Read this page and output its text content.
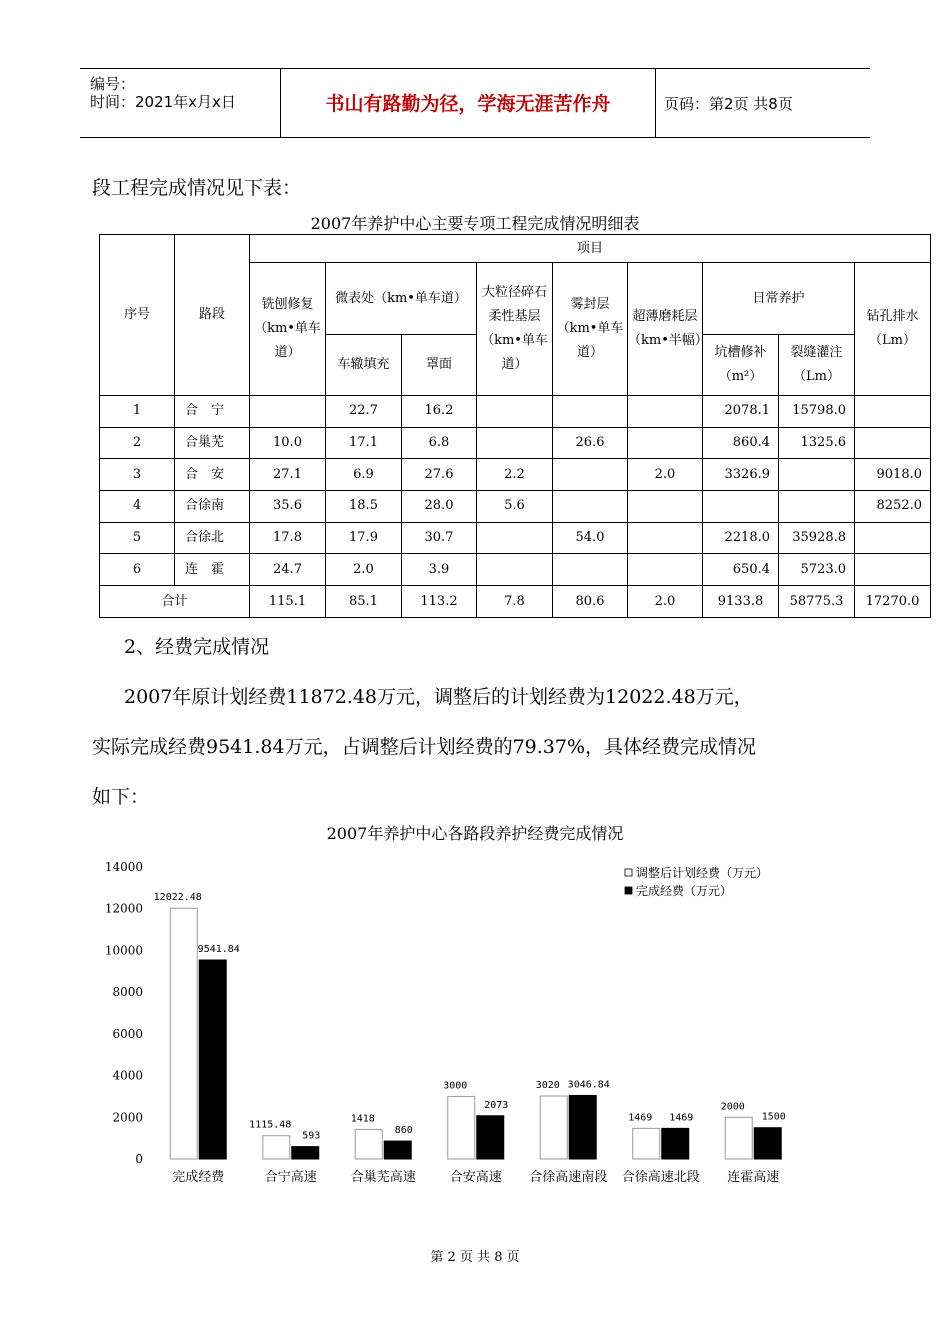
编号：
时间：2021年x月x日	书山有路勤为径，学海无涯苦作舟	页码：第2页 共8页
段工程完成情况见下表：
2007年养护中心主要专项工程完成情况明细表
序号	路段	项目								
		铣刨修复（km•单车道）	微表处（km•单车道）		大粒径碎石柔性基层（km•单车道）	雾封层（km•单车道）	超薄磨耗层（km•半幅）	日常养护		钻孔排水（Lm）
			车辙填充	罩面				坑槽修补（m²）	裂缝灌注（Lm）	
1	合　宁		22.7	16.2				2078.1	15798.0	
2	合巢芜	10.0	17.1	6.8		26.6		860.4	1325.6	
3	合　安	27.1	6.9	27.6	2.2		2.0	3326.9		9018.0
4	合徐南	35.6	18.5	28.0	5.6					8252.0
5	合徐北	17.8	17.9	30.7		54.0		2218.0	35928.8	
6	连　霍	24.7	2.0	3.9				650.4	5723.0	
合计		115.1	85.1	113.2	7.8	80.6	2.0	9133.8	58775.3	17270.0
2、经费完成情况
2007年原计划经费11872.48万元，调整后的计划经费为12022.48万元，
实际完成经费9541.84万元，占调整后计划经费的79.37%，具体经费完成情况
如下：
2007年养护中心各路段养护经费完成情况
0
2000
4000
6000
8000
10000
12000
14000
12022.48
9541.84
完成经费
1115.48
593
合宁高速
1418
860
合巢芜高速
3000
2073
合安高速
3020 3046.84
合徐高速南段
1469 1469
合徐高速北段
2000
1500
连霍高速
调整后计划经费（万元）
完成经费（万元）
第 2 页 共 8 页
